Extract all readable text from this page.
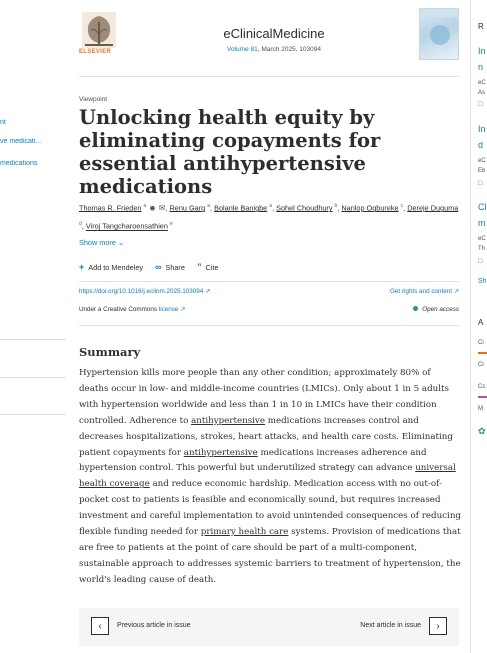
nt
ve medicati…
medications
ELSEVIER
eClinicalMedicine
Volume 81, March 2025, 103094
Viewpoint
Unlocking health equity by eliminating copayments for essential antihypertensive medications
Thomas R. Frieden $^a$ ☻ ✉, Renu Garg $^a$, Bolanle Banigbe $^a$, Sohel Choudhury $^b$, Nanlop Ogbureke $^c$, Dereje Duguma $^d$, Viroj Tangcharoensathien $^e$
Show more ⌄
+ Add to Mendeley ∞ Share ” Cite
https://doi.org/10.1016/j.eclinm.2025.103094 ↗	Get rights and content ↗
Under a Creative Commons license ↗	Open access
Summary

Hypertension kills more people than any other condition; approximately 80% of deaths occur in low- and middle-income countries (LMICs). Only about 1 in 5 adults with hypertension worldwide and less than 1 in 10 in LMICs have their condition controlled. Adherence to antihypertensive medications increases control and decreases hospitalizations, strokes, heart attacks, and health care costs. Eliminating patient copayments for antihypertensive medications increases adherence and hypertension control. This powerful but underutilized strategy can advance universal health coverage and reduce economic hardship. Medication access with no out-of-pocket cost to patients is feasible and economically sound, but requires increased investment and careful implementation to avoid unintended consequences of reducing flexible funding needed for primary health care systems. Provision of medications that are free to patients at the point of care should be part of a multi-component, sustainable approach to addresses systemic barriers to treatment of hypertension, the world's leading cause of death.

‹ Previous article in issue	Next article in issue ›
R
In
n
eC
As
□
In
d
eC
Eb
□
Cl
m
eC
Th
□
Sh
A
Ci
Ci
Cc
M
✿
